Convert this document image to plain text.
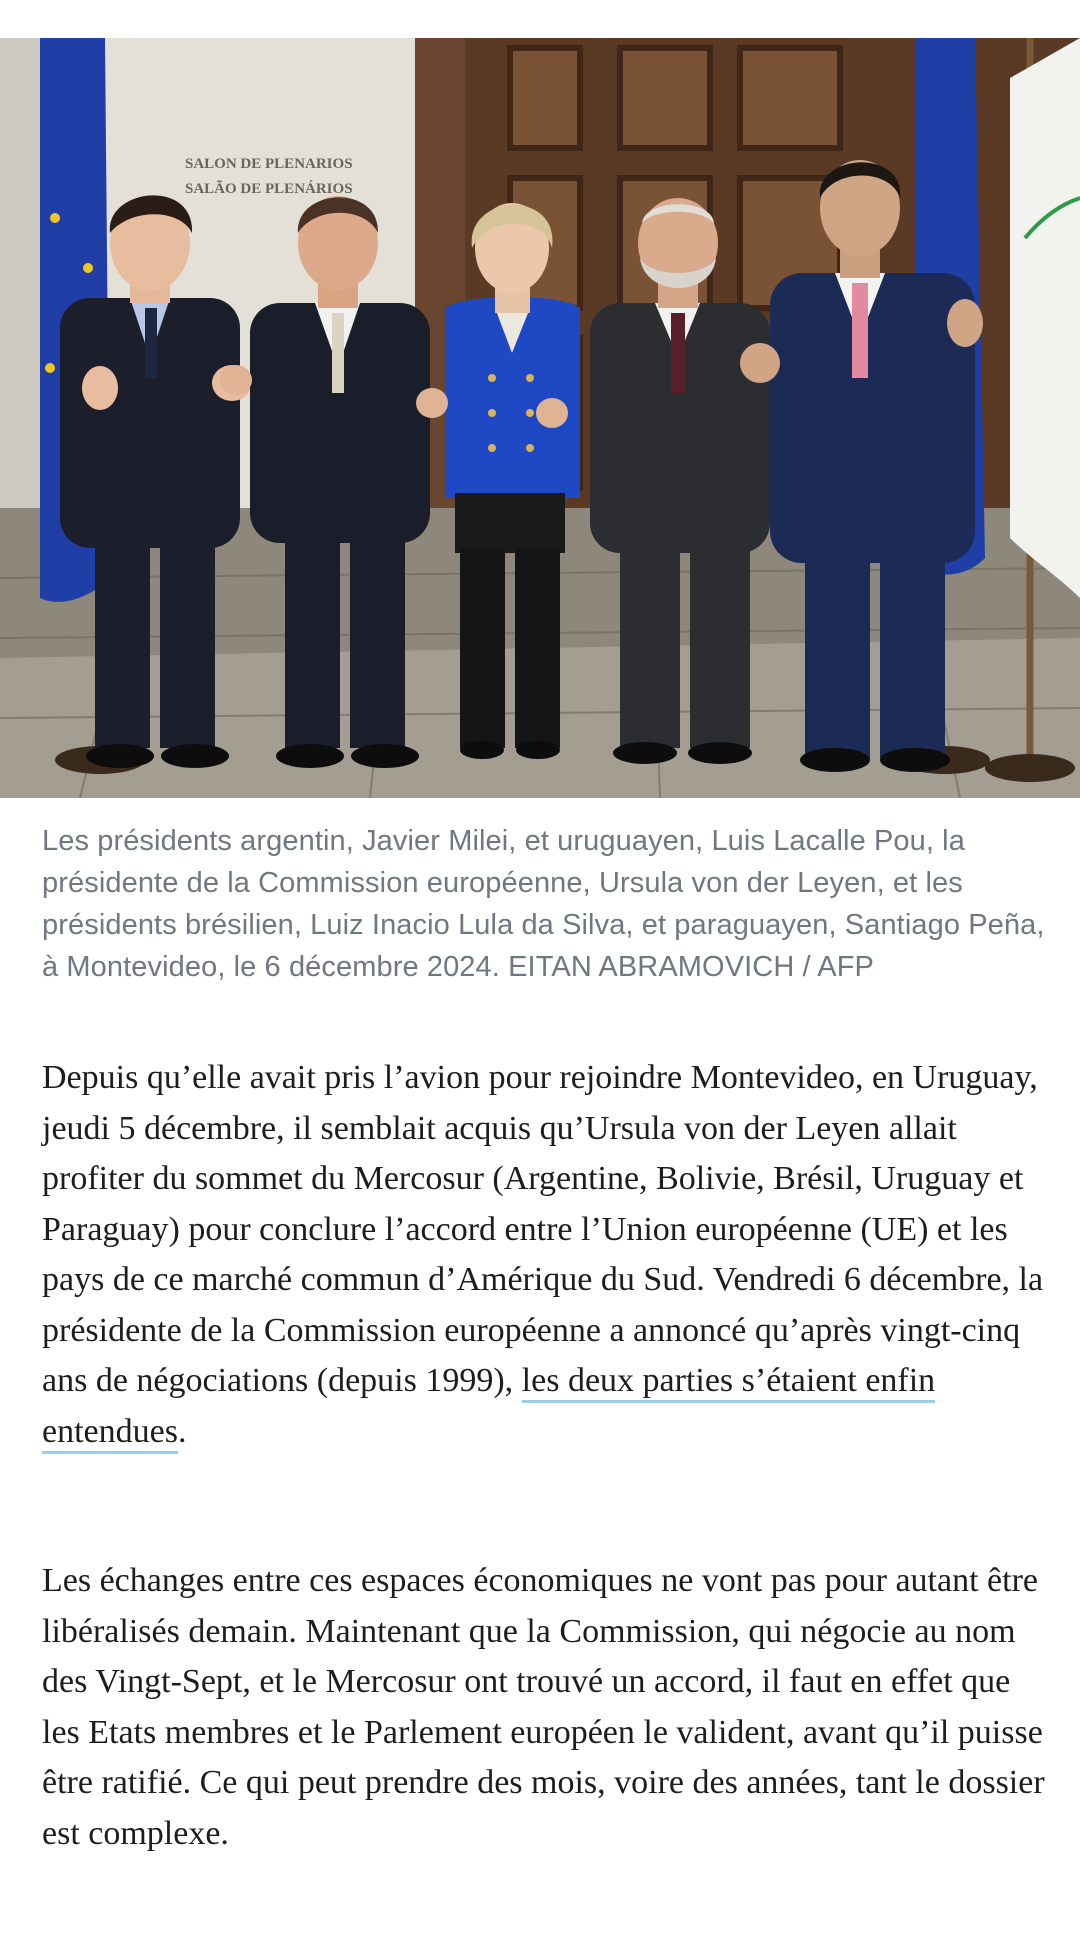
SALON DE PLENARIOS
SALÃO DE PLENÁRIOS

Les présidents argentin, Javier Milei, et uruguayen, Luis Lacalle Pou, la présidente de la Commission européenne, Ursula von der Leyen, et les présidents brésilien, Luiz Inacio Lula da Silva, et paraguayen, Santiago Peña, à Montevideo, le 6 décembre 2024. EITAN ABRAMOVICH / AFP

Depuis qu’elle avait pris l’avion pour rejoindre Montevideo, en Uruguay, jeudi 5 décembre, il semblait acquis qu’Ursula von der Leyen allait profiter du sommet du Mercosur (Argentine, Bolivie, Brésil, Uruguay et Paraguay) pour conclure l’accord entre l’Union européenne (UE) et les pays de ce marché commun d’Amérique du Sud. Vendredi 6 décembre, la présidente de la Commission européenne a annoncé qu’après vingt-cinq ans de négociations (depuis 1999), les deux parties s’étaient enfin entendues.

Les échanges entre ces espaces économiques ne vont pas pour autant être libéralisés demain. Maintenant que la Commission, qui négocie au nom des Vingt-Sept, et le Mercosur ont trouvé un accord, il faut en effet que les Etats membres et le Parlement européen le valident, avant qu’il puisse être ratifié. Ce qui peut prendre des mois, voire des années, tant le dossier est complexe.
